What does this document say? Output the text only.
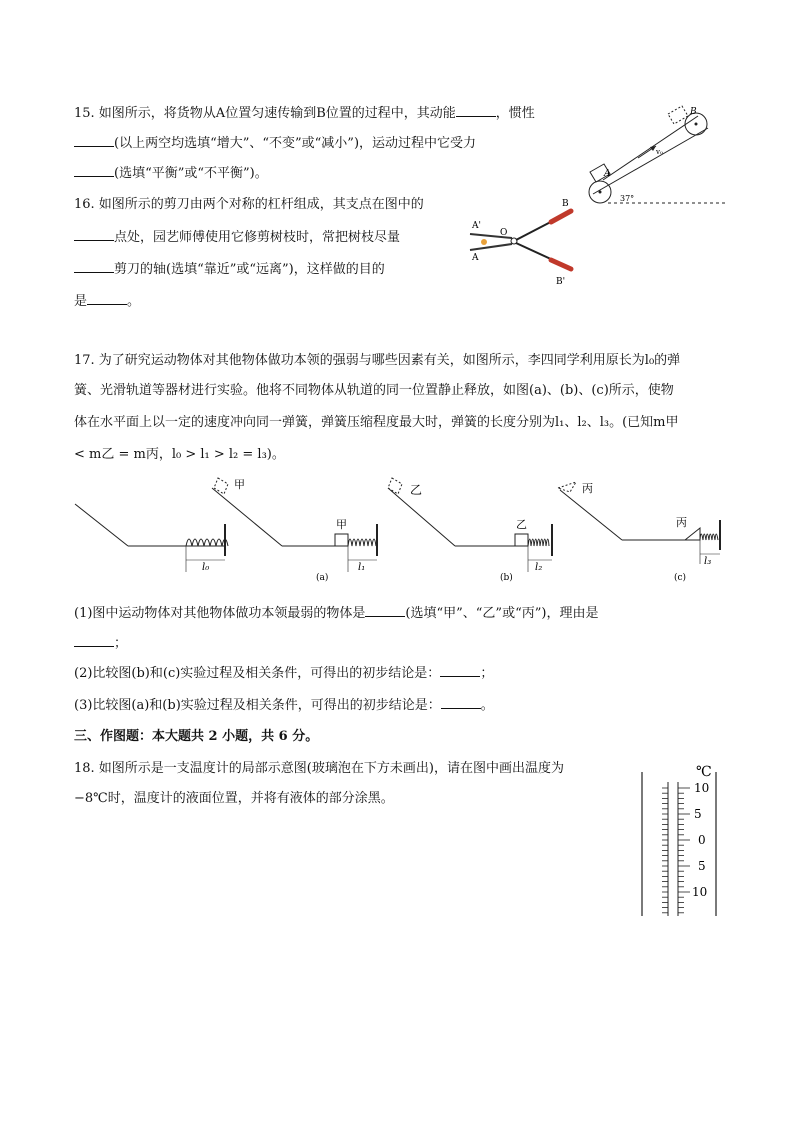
15. 如图所示，将货物从A位置匀速传输到B位置的过程中，其动能	，惯性
(以上两空均选填“增大”、“不变”或“减小”)，运动过程中它受力
(选填“平衡”或“不平衡”)。	A
B
v₀
37°
16. 如图所示的剪刀由两个对称的杠杆组成，其支点在图中的
点处，园艺师傅使用它修剪树枝时，常把树枝尽量
剪刀的轴(选填“靠近”或“远离”)，这样做的目的
是	。
A'
A
O
B
B'
17. 为了研究运动物体对其他物体做功本领的强弱与哪些因素有关，如图所示，李四同学利用原长为l₀的弹
簧、光滑轨道等器材进行实验。他将不同物体从轨道的同一位置静止释放，如图(a)、(b)、(c)所示，使物
体在水平面上以一定的速度冲向同一弹簧，弹簧压缩程度最大时，弹簧的长度分别为l₁、l₂、l₃。(已知m甲
< m乙 = m丙，l₀ > l₁ > l₂ = l₃)。
l₀
甲
甲
l₁
(a)
乙
乙
l₂
(b)
丙
丙
l₃
(c)
(1)图中运动物体对其他物体做功本领最弱的物体是	(选填“甲”、“乙”或“丙”)，理由是
；
(2)比较图(b)和(c)实验过程及相关条件，可得出的初步结论是：	；
(3)比较图(a)和(b)实验过程及相关条件，可得出的初步结论是：	。
三、作图题：本大题共 2 小题，共 6 分。
18. 如图所示是一支温度计的局部示意图(玻璃泡在下方未画出)，请在图中画出温度为
−8℃时，温度计的液面位置，并将有液体的部分涂黑。
℃
10
5
0
5
10
